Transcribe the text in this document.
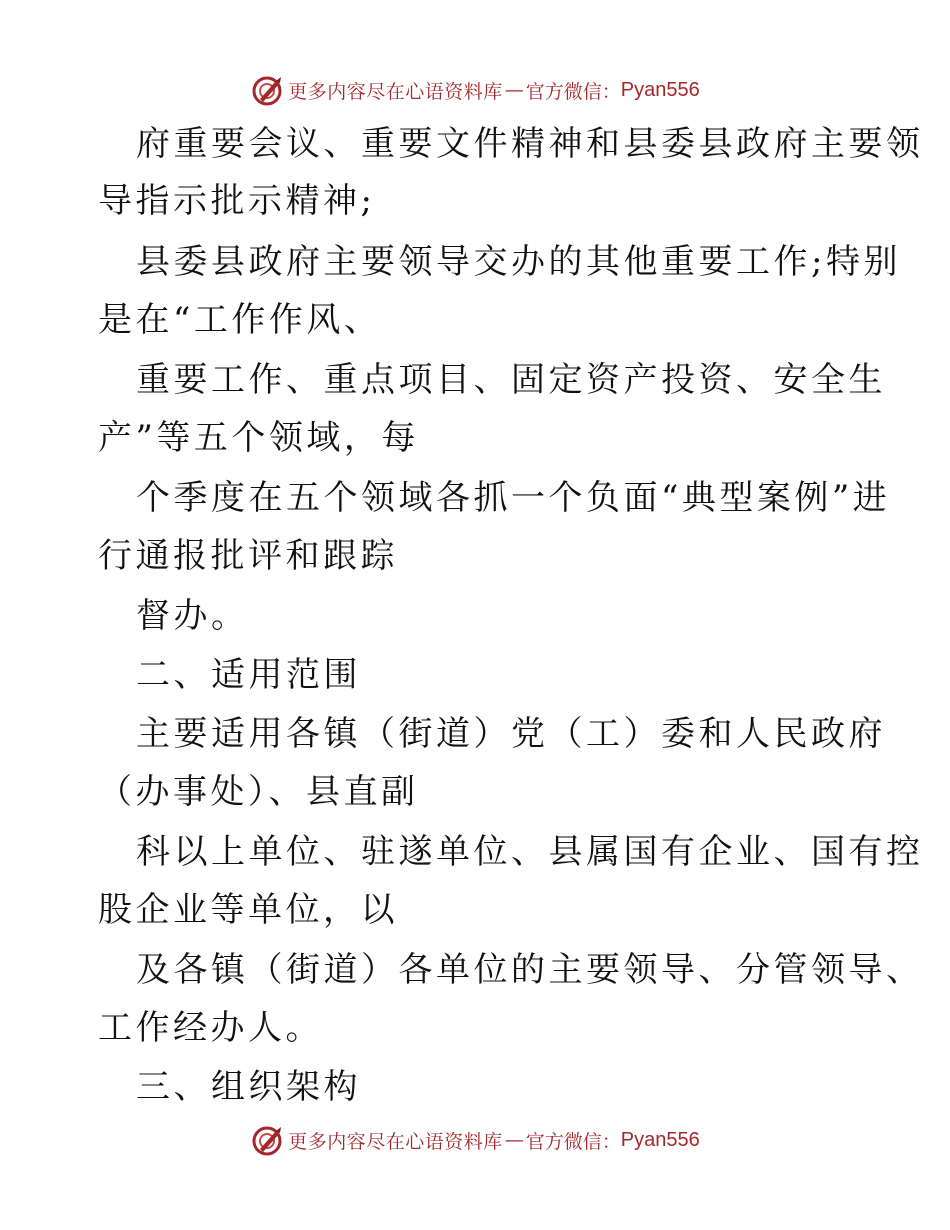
更多内容尽在心语资料库 — 官方微信： Pyan556
府重要会议、重要文件精神和县委县政府主要领
导指示批示精神;
县委县政府主要领导交办的其他重要工作;特别
是在“工作作风、
重要工作、重点项目、固定资产投资、安全生
产”等五个领域，每
个季度在五个领域各抓一个负面“典型案例”进
行通报批评和跟踪
督办。
二、适用范围
主要适用各镇（街道）党（工）委和人民政府
（办事处）、县直副
科以上单位、驻遂单位、县属国有企业、国有控
股企业等单位，以
及各镇（街道）各单位的主要领导、分管领导、
工作经办人。
三、组织架构
更多内容尽在心语资料库 — 官方微信： Pyan556
